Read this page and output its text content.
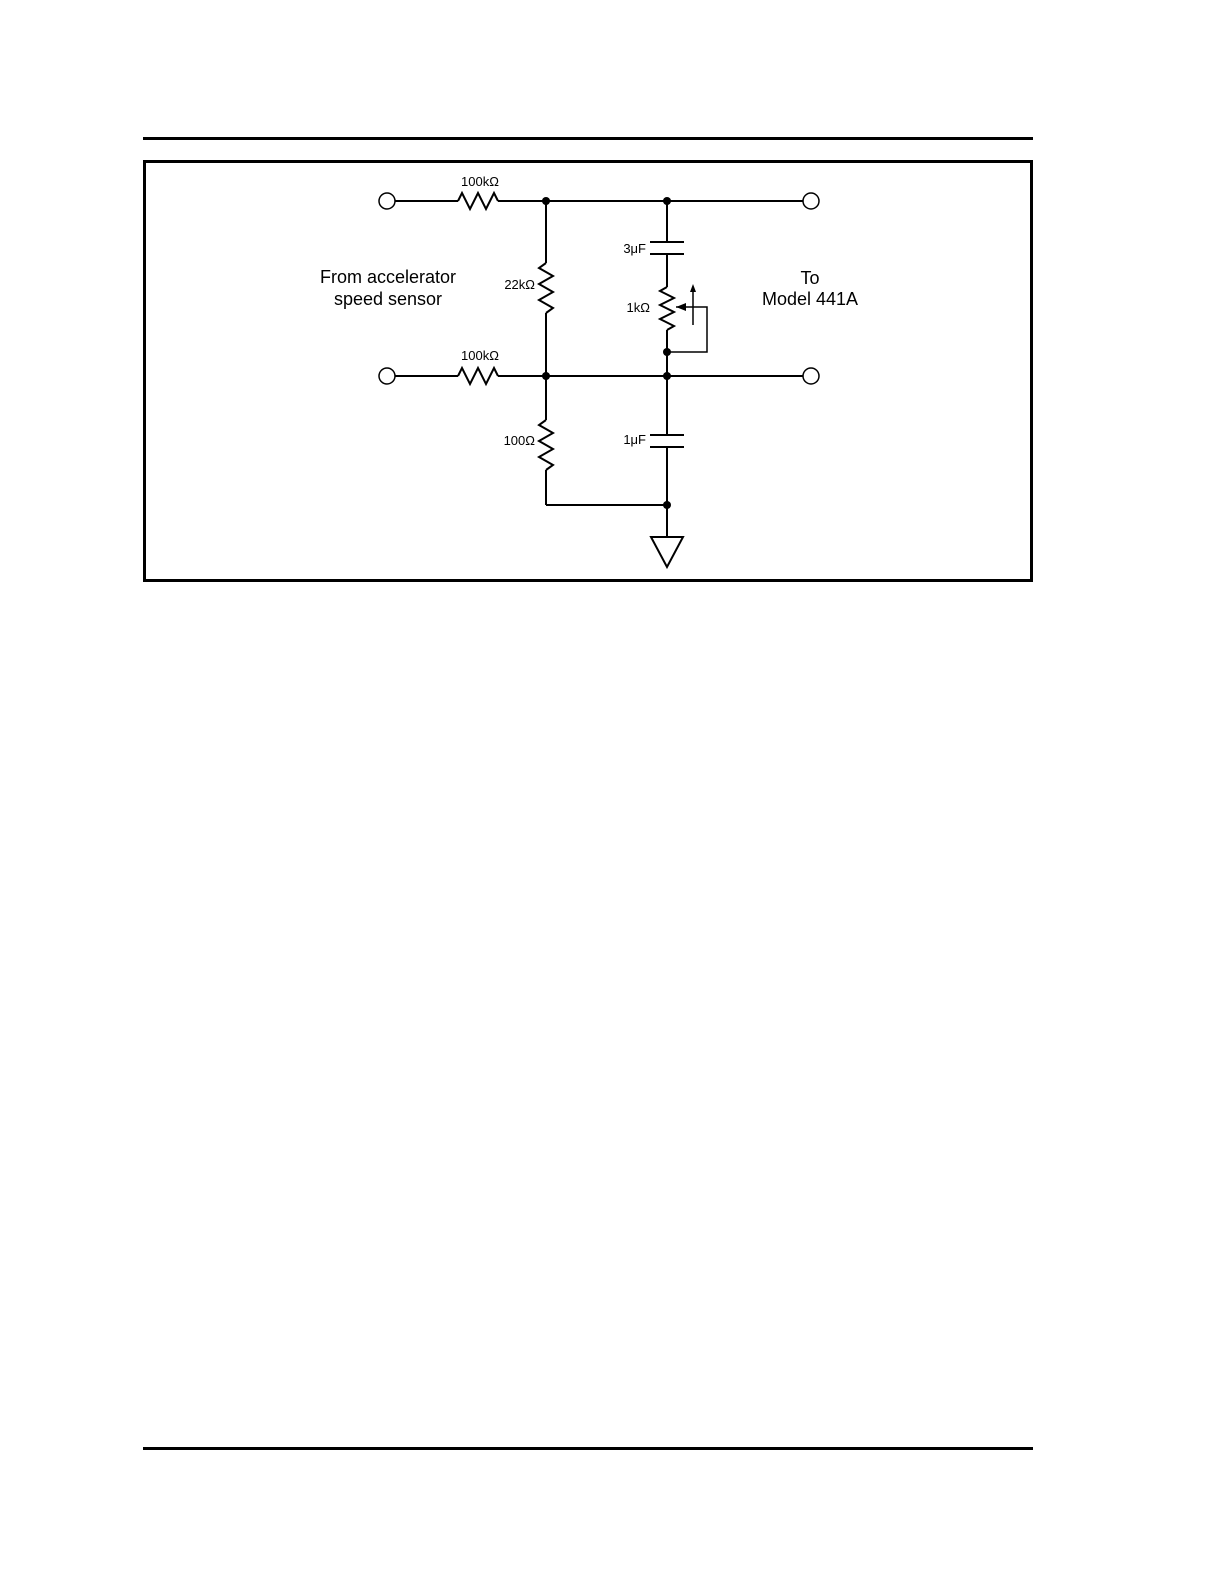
100kΩ
100kΩ
22kΩ
100Ω
3μF
1μF
1kΩ
From accelerator
speed sensor
To
Model 441A
